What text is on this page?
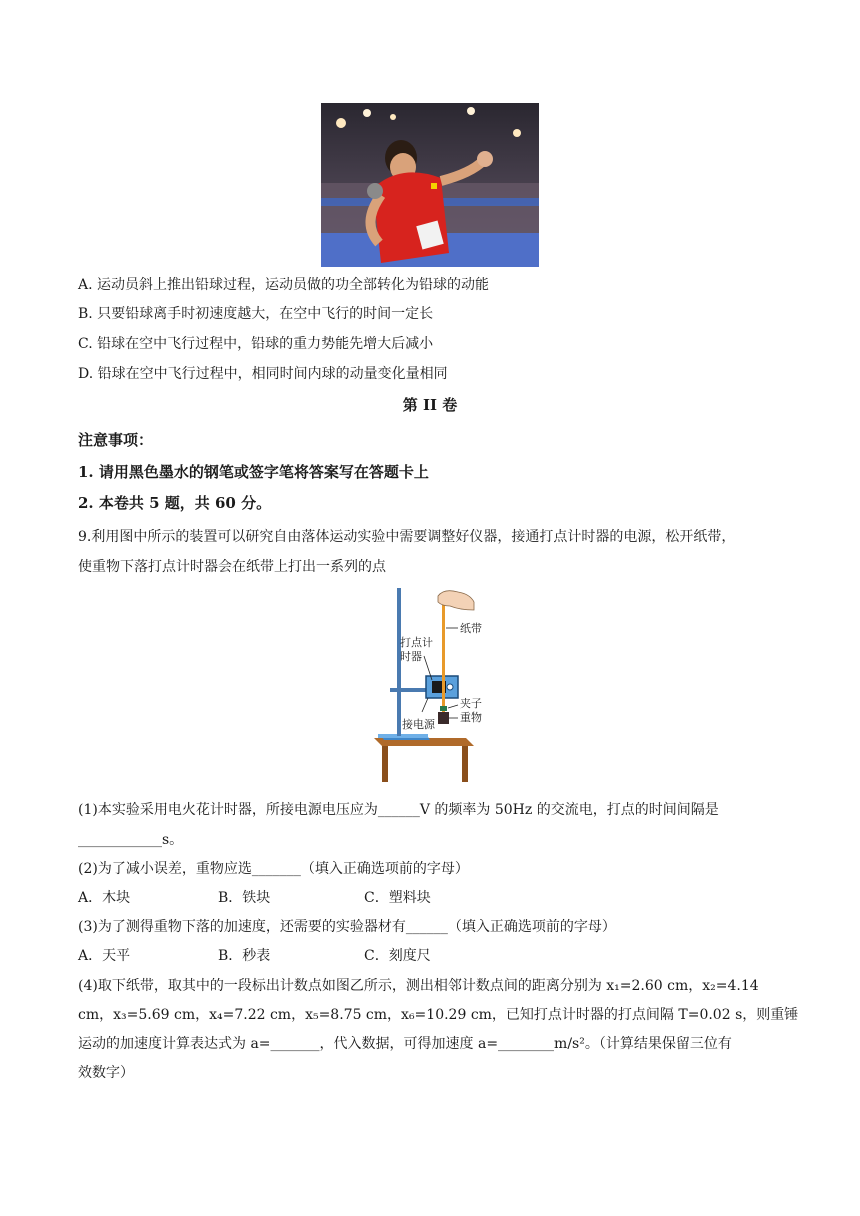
A. 运动员斜上推出铅球过程，运动员做的功全部转化为铅球的动能
B. 只要铅球离手时初速度越大，在空中飞行的时间一定长
C. 铅球在空中飞行过程中，铅球的重力势能先增大后减小
D. 铅球在空中飞行过程中，相同时间内球的动量变化量相同
第 II 卷
注意事项：
1. 请用黑色墨水的钢笔或签字笔将答案写在答题卡上
2. 本卷共 5 题，共 60 分。
9.利用图中所示的装置可以研究自由落体运动实验中需要调整好仪器，接通打点计时器的电源，松开纸带，
使重物下落打点计时器会在纸带上打出一系列的点
纸带
打点计
时器
夹子
重物
接电源
(1)本实验采用电火花计时器，所接电源电压应为______V 的频率为 50Hz 的交流电，打点的时间间隔是
____________s。
(2)为了减小误差，重物应选_______（填入正确选项前的字母）
A．木块	B．铁块	C．塑料块
(3)为了测得重物下落的加速度，还需要的实验器材有______（填入正确选项前的字母）
A．天平	B．秒表	C．刻度尺
(4)取下纸带，取其中的一段标出计数点如图乙所示，测出相邻计数点间的距离分别为 x₁=2.60 cm，x₂=4.14
cm，x₃=5.69 cm，x₄=7.22 cm，x₅=8.75 cm，x₆=10.29 cm，已知打点计时器的打点间隔 T=0.02 s，则重锤
运动的加速度计算表达式为 a=_______，代入数据，可得加速度 a=________m/s²。（计算结果保留三位有
效数字）
